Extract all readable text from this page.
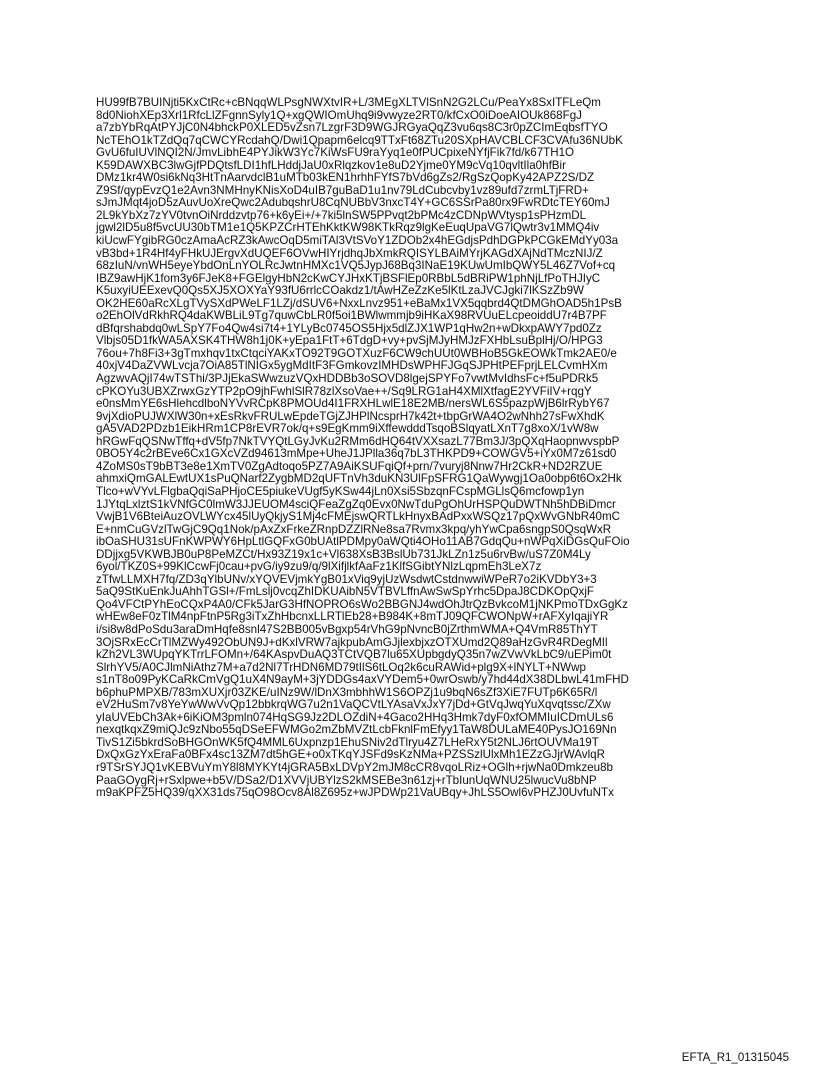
HU99fB7BUINjti5KxCtRc+cBNqqWLPsgNWXtvIR+L/3MEgXLTVlSnN2G2LCu/PeaYx8SxITFLeQm
8d0NiohXEp3Xrl1RfcLlZFgnnSyly1Q+xgQWIOmUhq9i9vwyze2RT0/kfCxO0iDoeAIOUk868FgJ
a7zbYbRqAtPYJjC0N4bhckP0XLED5vZsn7LzgrF3D9WGJRGyaQqZ3vu6qs8C3r0pZCImEqbsfTYO
NcTEhO1kTZdQq7qCWCYRcdahQ/Dwi1Qpapm6elcq9TTxFt68ZTu20SXpHAVCBLCF3CVAfu36NUbK
GvU6fuIUVlNQI2N/JmvLibhE4PYJikW3Yc7KiWsFU9raYyq1e0fPUCpixeNYfjFik7fd/k67TH1O
K59DAWXBC3lwGjfPDQtsfLDI1hfLHddjJaU0xRlqzkov1e8uD2Yjme0YM9cVq10qvltIla0hfBir
DMz1kr4W0si6kNq3HtTnAarvdclB1uMTb03kEN1hrhhFYfS7bVd6gZs2/RgSzQopKy42APZ2S/DZ
Z9Sf/qypEvzQ1e2Avn3NMHnyKNisXoD4uIB7guBaD1u1nv79LdCubcvby1vz89ufd7zrmLTjFRD+
sJmJMqt4joD5zAuvUoXreQwc2AdubqshrU8CqNUBbV3nxcT4Y+GC6SSrPa80rx9FwRDtcTEY60mJ
2L9kYbXz7zYV0tvnOiNrddzvtp76+k6yEi+/+7ki5lnSW5PPvqt2bPMc4zCDNpWVtysp1sPHzmDL
jgwl2lD5u8f5vcUU30bTM1e1Q5KPZCrHTEhKktKW98KTkRqz9lgKeEuqUpaVG7lQwtr3v1MMQ4iv
kiUcwFYgibRG0czAmaAcRZ3kAwcOqD5miTAl3VtSVoY1ZDOb2x4hEGdjsPdhDGPkPCGkEMdYy03a
vB3bd+1R4Hf4yFHkUJErgvXdUQEF6OVwHIYrjdhqJbXmkRQISYLBAiMYrjKAGdXAjNdTMczNIJ/Z
68zIuN/vnWH5eyeYbdOnLnYOLRcJwtnHMXc1VQ5JypJ68Bq3INaE19KUwUmIbQWY5L46Z7Vof+cq
IBZ9awHjK1fom3y6FJeK8+FGElgyHbN2cKwCYJHxKTjBSFlEp0RBbL5dBRiPW1phNjLfPoTHJIyC
K5uxyiUEExevQ0Qs5XJ5XOXYaY93fU6rrlcCOakdz1/tAwHZeZzKe5lKtLzaJVCJgki7lKSzZb9W
OK2HE60aRcXLgTVySXdPWeLF1LZj/dSUV6+NxxLnvz951+eBaMx1VX5qqbrd4QtDMGhOAD5h1PsB
o2EhOlVdRkhRQ4daKWBLiL9Tg7quwCbLR0f5oi1BWlwmmjb9iHKaX98RVUuELcpeoiddU7r4B7PF
dBfqrshabdq0wLSpY7Fo4Qw4si7t4+1YLyBc0745OS5Hjx5dlZJX1WP1qHw2n+wDkxpAWY7pd0Zz
Vlbjs05D1fkWA5AXSK4THW8h1j0K+yEpa1FtT+6TdgD+vy+pvSjMJyHMJzFXHbLsuBplHj/O/HPG3
76ou+7h8Fi3+3gTmxhqv1txCtqciYAKxTO92T9GOTXuzF6CW9chUUt0WBHoB5GkEOWkTmk2AE0/e
40xjV4DaZVWLvcja7OiA85TlNIGx5ygMdItF3FGmkovzIMHDsWPHFJGqSJPHtPEFprjLELCvmHXm
AgzwvAQjI74wTSThi/3PJjEkaSWwzuzVQxHDDBb3oSOVD8lgejSPYFo7vwtMvIdhsFc+f5uPDRk5
cPKOYu3UBXZrwxGzYTP2pO9jhFwhlSlR78zlXsoVae++/Sq9LRG1aH4XMlXtfagE2YVFiIV+rqgY
e0nsMmYE6sHlehcdlboNYVvRCpK8PMOUd4I1FRXHLwlE18E2MB/nersWL6S5pazpWjB6lrRybY67
9vjXdioPUJWXlW30n+xEsRkvFRULwEpdeTGjZJHPlNcsprH7k42t+tbpGrWA4O2wNhh27sFwXhdK
gA5VAD2PDzb1EikHRm1CP8rEVR7ok/q+s9EgKmm9iXffewdddTsqoBSlqyatLXnT7g8xoX/1vW8w
hRGwFqQSNwTffq+dV5fp7NkTVYQtLGyJvKu2RMm6dHQ64tVXXsazL77Bm3J/3pQXqHaopnwvspbP
0BO5Y4c2rBEve6Cx1GXcVZd94613mMpe+UheJ1JPlla36q7bL3THKPD9+COWGV5+iYx0M7z61sd0
4ZoMS0sT9bBT3e8e1XmTV0ZgAdtoqo5PZ7A9AiKSUFqiQf+prn/7vuryj8Nnw7Hr2CkR+ND2RZUE
ahmxiQmGALEwtUX1sPuQNarf2ZygbMD2qUFTnVh3duKN3UlFpSFRG1QaWywgj1Oa0obp6t6Ox2Hk
Tlco+wVYvLFlgbaQqiSaPHjoCE5piukeVUgf5yKSw44jLn0Xsi5SbzqnFCspMGLlsQ6mcfowp1yn
1JYtqLxlztS1kVNfGC0lmW3JJEUOM4sciQFeaZgZq0Evx0NwTduPgOhUrHSPQuDWTNh5hDBiDmcr
VwjB1V6BteiAuzOVLWYcx45lUyQkjyS1Mj4cFMEjswQRTLkHnyxBAdPxxWSQz17pQxWvGNbR40mC
E+nmCuGVzlTwGjC9Qq1Nok/pAxZxFrkeZRnpDZZlRNe8sa7Rvmx3kpq/yhYwCpa6sngpS0QsqWxR
ibOaSHU31sUFnKWPWY6HpLtlGQFxG0bUAtlPDMpy0aWQti4OHo11AB7GdqQu+nWPqXiDGsQuFOio
DDjjxg5VKWBJB0uP8PeMZCt/Hx93Z19x1c+Vl638XsB3BslUb731JkLZn1z5u6rvBw/uS7Z0M4Ly
6yol/TKZ0S+99KlCcwFj0cau+pvG/iy9zu9/q/9lXifjlkfAaFz1KlfSGibtYNlzLqpmEh3LeX7z
zTfwLLMXH7fq/ZD3qYlbUNv/xYQVEVjmkYgB01xViq9yjUzWsdwtCstdnwwiWPeR7o2iKVDbY3+3
5aQ9StKuEnkJuAhhTGSl+/FmLslj0vcqZhIDKUAibN5VTBVLffnAwSwSpYrhc5DpaJ8CDKOpQxjF
Qo4VFCtPYhEoCQxP4A0/CFk5JarG3HfNOPRO6sWo2BBGNJ4wdOhJtrQzBvkcoM1jNKPmoTDxGgKz
wHEw8eF0zTlM4npFtnP5Rg3iTxZhHbcnxLLRTlEb28+B984K+8mTJ09QFCWONpW+rAFXyIqajiYR
i/si8w8dPoSdu3araDmHqfe8snl47S2BB005vBgxp54rVhG9pNvncB0jZrthmWMA+Q4VmR85ThYT
3OjSRxEcCrTlMZWy492ObUN9J+dKxlVRW7ajkpubAmGJjlexbjxzOTXUmd2Q89aHzGvR4RDegMIl
kZh2VL3WUpqYKTrrLFOMn+/64KAspvDuAQ3TCtVQB7lu65XUpbgdyQ35n7wZVwVkLbC9/uEPim0t
SlrhYV5/A0CJlmNiAthz7M+a7d2Nl7TrHDN6MD79tIlS6tLOq2k6cuRAWid+plg9X+lNYLT+NWwp
s1nT8o09PyKCaRkCmVgQ1uX4N9ayM+3jYDDGs4axVYDem5+0wrOswb/y7hd44dX38DLbwL41mFHD
b6phuPMPXB/783mXUXjr03ZKE/uINz9W/lDnX3mbhhW1S6OPZj1u9bqN6sZf3XiE7FUTp6K65R/l
eV2HuSm7v8YeYwWwVvQp12bbkrqWG7u2n1VaQCVtLYAsaVxJxY7jDd+GtVqJwqYuXqvqtssc/ZXw
yIaUVEbCh3Ak+6iKiOM3pmln074HqSG9Jz2DLOZdiN+4Gaco2HHq3Hmk7dyF0xfOMMIuICDmULs6
nexqtkqxZ9miQJc9zNbo55qDSeEFWMGo2mZbMVZtLcbFknlFmEfyy1TaW8DULaME40PysJO169Nn
TivS1Zi5bkrdSoBHGOnWK5fQ4MML6Uxpnzp1EhuSNiv2dTlryu4Z7LHeRxY5t2NLJ6rtOUVMa19T
DxQxGzYxEraFa0BFx4sc13ZM7dt5hGE+o0xTKqYJSFd9sKzNMa+PZSSzlUlxMh1EZzGJjrWAvlqR
r9TSrSYJQ1vKEBVuYmY8l8MYKYt4jGRA5BxLDVpY2mJM8cCR8vqoLRiz+OGlh+rjwNa0Dmkzeu8b
PaaGOygRj+rSxlpwe+b5V/DSa2/D1XVVjUBYlzS2kMSEBe3n61zj+rTbIunUqWNU25lwucVu8bNP
m9aKPFZ5HQ39/qXX31ds75qO98Ocv8Al8Z695z+wJPDWp21VaUBqy+JhLS5Owl6vPHZJ0UvfuNTx
EFTA_R1_01315045
